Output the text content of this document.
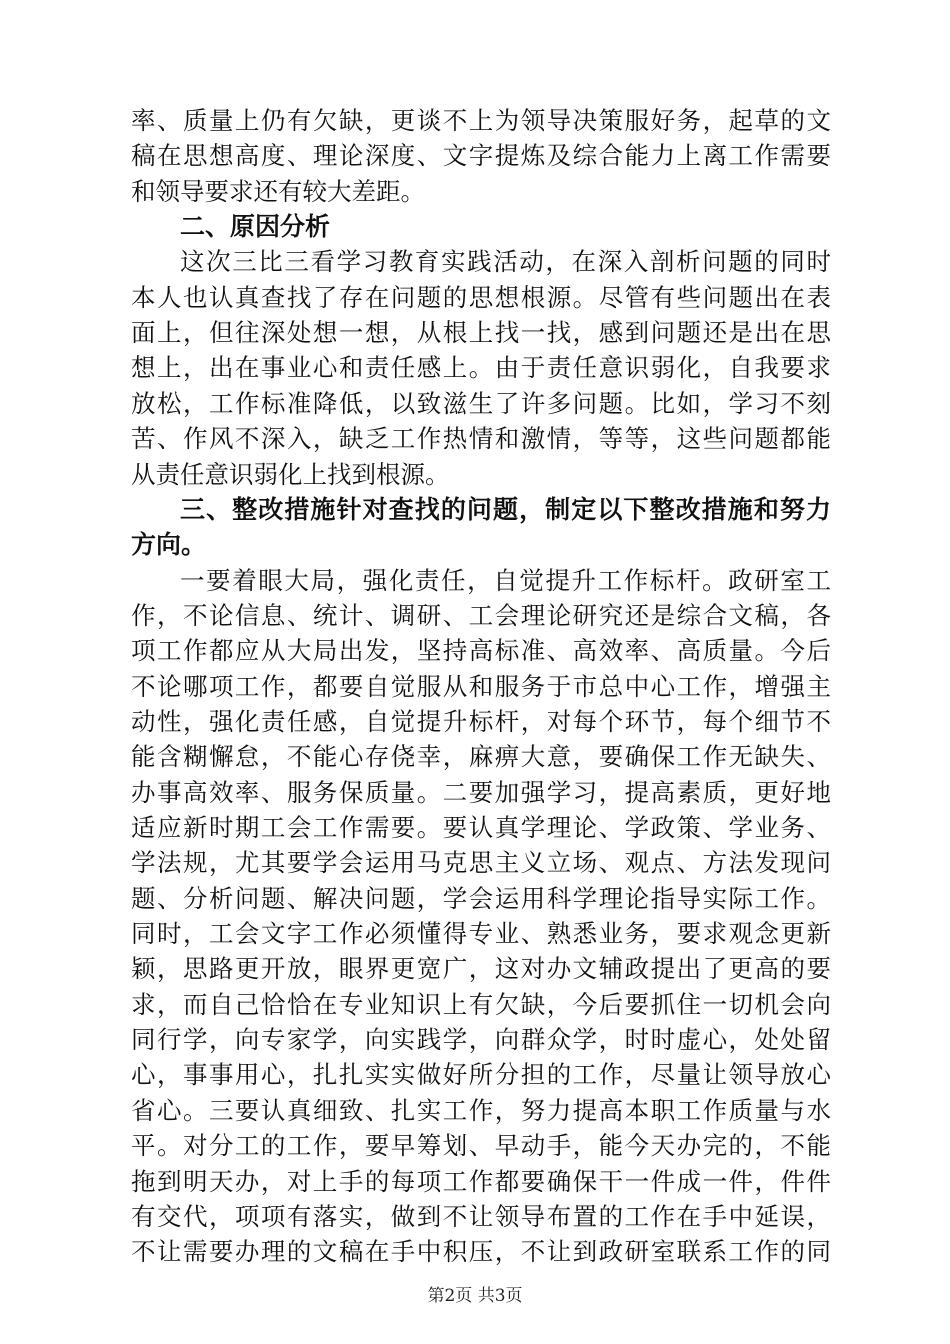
率、质量上仍有欠缺，更谈不上为领导决策服好务，起草的文
稿在思想高度、理论深度、文字提炼及综合能力上离工作需要
和领导要求还有较大差距。
二、原因分析
这次三比三看学习教育实践活动，在深入剖析问题的同时
本人也认真查找了存在问题的思想根源。尽管有些问题出在表
面上，但往深处想一想，从根上找一找，感到问题还是出在思
想上，出在事业心和责任感上。由于责任意识弱化，自我要求
放松，工作标准降低，以致滋生了许多问题。比如，学习不刻
苦、作风不深入，缺乏工作热情和激情，等等，这些问题都能
从责任意识弱化上找到根源。
三、整改措施针对查找的问题，制定以下整改措施和努力
方向。
一要着眼大局，强化责任，自觉提升工作标杆。政研室工
作，不论信息、统计、调研、工会理论研究还是综合文稿，各
项工作都应从大局出发，坚持高标准、高效率、高质量。今后
不论哪项工作，都要自觉服从和服务于市总中心工作，增强主
动性，强化责任感，自觉提升标杆，对每个环节，每个细节不
能含糊懈怠，不能心存侥幸，麻痹大意，要确保工作无缺失、
办事高效率、服务保质量。二要加强学习，提高素质，更好地
适应新时期工会工作需要。要认真学理论、学政策、学业务、
学法规，尤其要学会运用马克思主义立场、观点、方法发现问
题、分析问题、解决问题，学会运用科学理论指导实际工作。
同时，工会文字工作必须懂得专业、熟悉业务，要求观念更新
颖，思路更开放，眼界更宽广，这对办文辅政提出了更高的要
求，而自己恰恰在专业知识上有欠缺，今后要抓住一切机会向
同行学，向专家学，向实践学，向群众学，时时虚心，处处留
心，事事用心，扎扎实实做好所分担的工作，尽量让领导放心
省心。三要认真细致、扎实工作，努力提高本职工作质量与水
平。对分工的工作，要早筹划、早动手，能今天办完的，不能
拖到明天办，对上手的每项工作都要确保干一件成一件，件件
有交代，项项有落实，做到不让领导布置的工作在手中延误，
不让需要办理的文稿在手中积压，不让到政研室联系工作的同
第2页 共3页
